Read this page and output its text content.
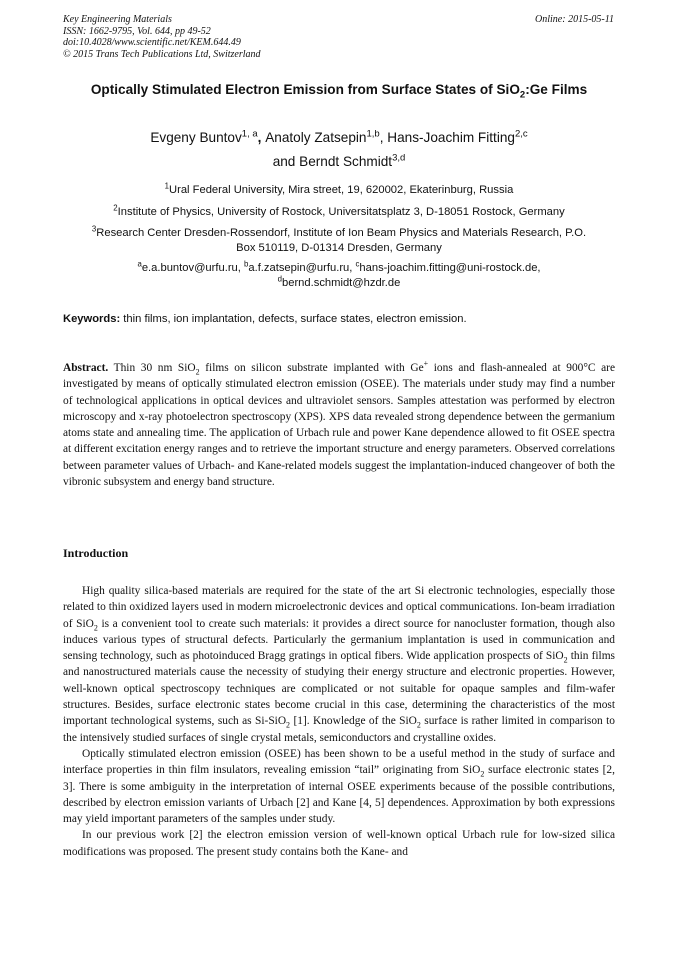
Key Engineering Materials
ISSN: 1662-9795, Vol. 644, pp 49-52
doi:10.4028/www.scientific.net/KEM.644.49
© 2015 Trans Tech Publications Ltd, Switzerland
Online: 2015-05-11
Optically Stimulated Electron Emission from Surface States of SiO$_2$:Ge Films
Evgeny Buntov$^{1, a}$, Anatoly Zatsepin$^{1,b}$, Hans-Joachim Fitting$^{2,c}$
and Berndt Schmidt$^{3,d}$
$^1$Ural Federal University, Mira street, 19, 620002, Ekaterinburg, Russia
$^2$Institute of Physics, University of Rostock, Universitatsplatz 3, D-18051 Rostock, Germany
$^3$Research Center Dresden-Rossendorf, Institute of Ion Beam Physics and Materials Research, P.O. Box 510119, D-01314 Dresden, Germany
$^a$e.a.buntov@urfu.ru, $^b$a.f.zatsepin@urfu.ru, $^c$hans-joachim.fitting@uni-rostock.de, $^d$bernd.schmidt@hzdr.de
Keywords: thin films, ion implantation, defects, surface states, electron emission.
Abstract. Thin 30 nm SiO$_2$ films on silicon substrate implanted with Ge+ ions and flash-annealed at 900°C are investigated by means of optically stimulated electron emission (OSEE). The materials under study may find a number of technological applications in optical devices and ultraviolet sensors. Samples attestation was performed by electron microscopy and x-ray photoelectron spectroscopy (XPS). XPS data revealed strong dependence between the germanium atoms state and annealing time. The application of Urbach rule and power Kane dependence allowed to fit OSEE spectra at different excitation energy ranges and to retrieve the important structure and energy parameters. Observed correlations between parameter values of Urbach- and Kane-related models suggest the implantation-induced changeover of both the vibronic subsystem and energy band structure.
Introduction

High quality silica-based materials are required for the state of the art Si electronic technologies, especially those related to thin oxidized layers used in modern microelectronic devices and optical communications. Ion-beam irradiation of SiO$_2$ is a convenient tool to create such materials: it provides a direct source for nanocluster formation, though also induces various types of structural defects. Particularly the germanium implantation is used in communication and sensing technology, such as photoinduced Bragg gratings in optical fibers. Wide application prospects of SiO$_2$ thin films and nanostructured materials cause the necessity of studying their energy structure and electronic properties. However, well-known optical spectroscopy techniques are complicated or not suitable for opaque samples and film-wafer structures. Besides, surface electronic states become crucial in this case, determining the characteristics of the most important technological systems, such as Si-SiO$_2$ [1]. Knowledge of the SiO$_2$ surface is rather limited in comparison to the intensively studied surfaces of single crystal metals, semiconductors and crystalline oxides.

Optically stimulated electron emission (OSEE) has been shown to be a useful method in the study of surface and interface properties in thin film insulators, revealing emission “tail” originating from SiO$_2$ surface electronic states [2, 3]. There is some ambiguity in the interpretation of internal OSEE experiments because of the possible contributions, described by electron emission variants of Urbach [2] and Kane [4, 5] dependences. Approximation by both expressions may yield important parameters of the samples under study.

In our previous work [2] the electron emission version of well-known optical Urbach rule for low-sized silica modifications was proposed. The present study contains both the Kane- and
